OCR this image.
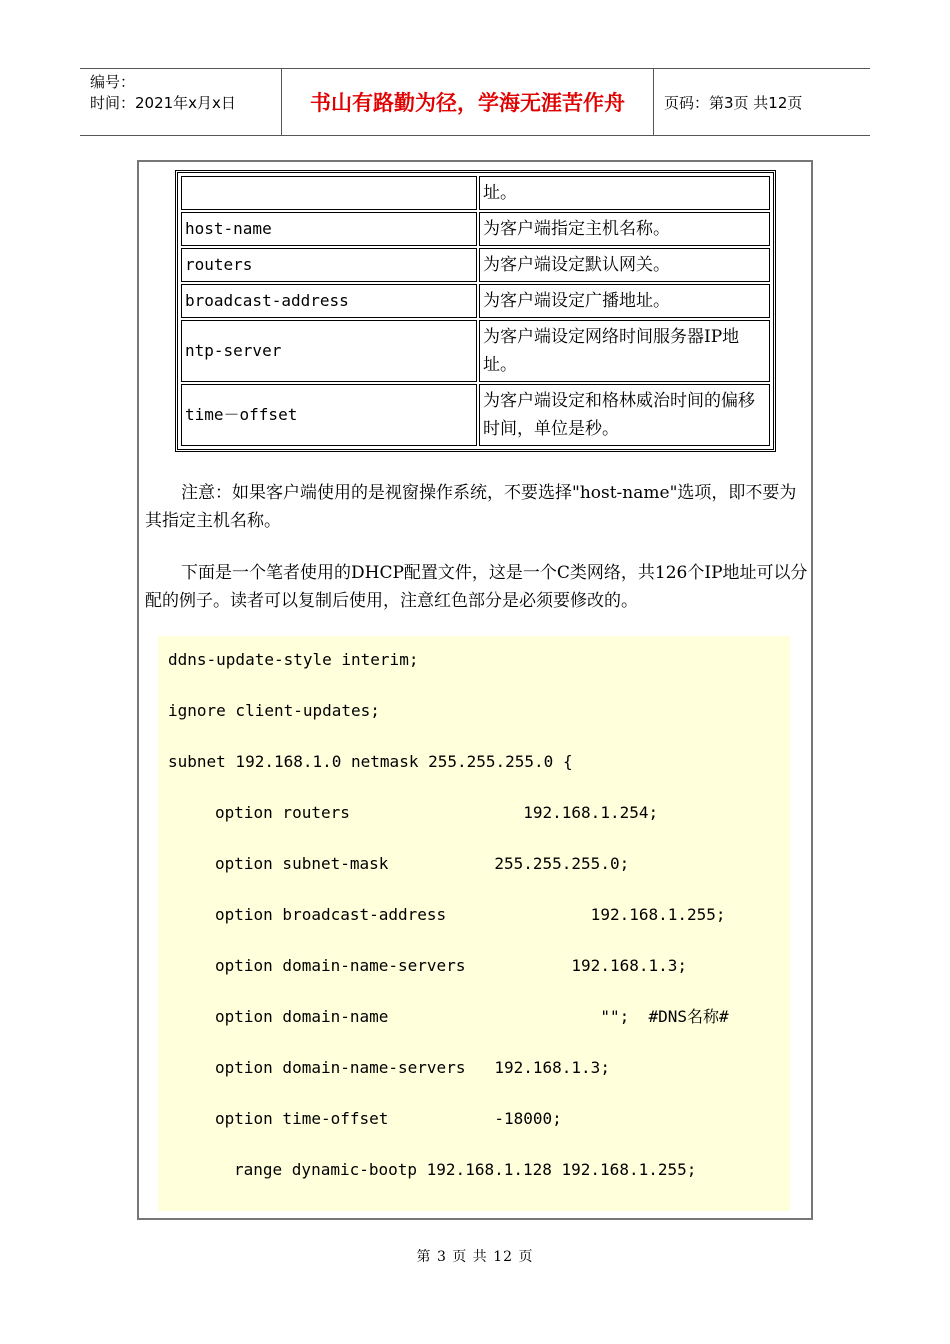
编号：
时间：2021年x月x日	书山有路勤为径，学海无涯苦作舟	页码：第3页 共12页
	址。
host-name	为客户端指定主机名称。
routers	为客户端设定默认网关。
broadcast-address	为客户端设定广播地址。
ntp-server	为客户端设定网络时间服务器IP地址。
time－offset	为客户端设定和格林威治时间的偏移时间，单位是秒。
注意：如果客户端使用的是视窗操作系统，不要选择"host-name"选项，即不要为其指定主机名称。
下面是一个笔者使用的DHCP配置文件，这是一个C类网络，共126个IP地址可以分配的例子。读者可以复制后使用，注意红色部分是必须要修改的。
ddns-update-style interim;
ignore client-updates;
subnet 192.168.1.0 netmask 255.255.255.0 {
option routers                  192.168.1.254;
option subnet-mask           255.255.255.0;
option broadcast-address               192.168.1.255;
option domain-name-servers           192.168.1.3;
option domain-name                      "";  #DNS名称#
option domain-name-servers   192.168.1.3;
option time-offset           -18000;
range dynamic-bootp 192.168.1.128 192.168.1.255;
第 3 页 共 12 页
